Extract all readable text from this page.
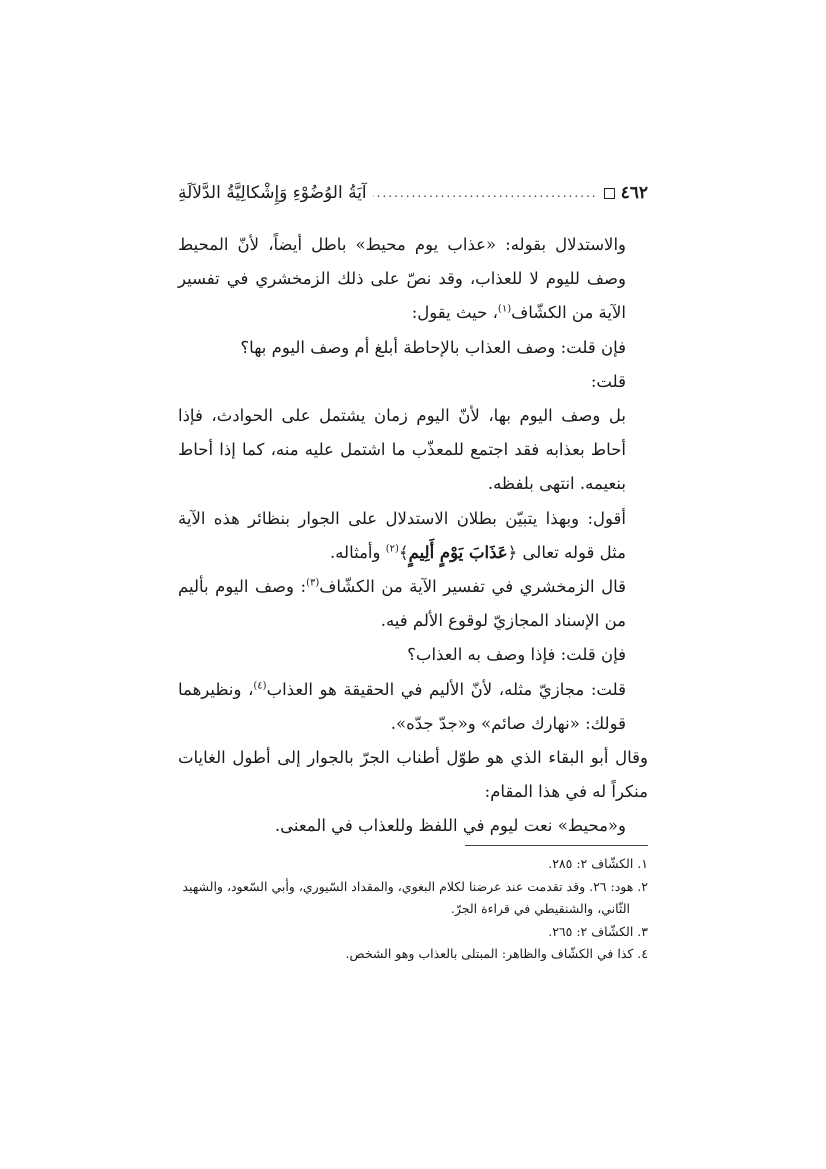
٤٦٢
.....
آيَةُ الوُضُوْءِ وَإِشْكالِيَّةُ الدَّلاَلَةِ

والاستدلال بقوله: «عذاب يوم محيط» باطل أيضاً، لأنّ المحيط وصف لليوم لا للعذاب، وقد نصّ على ذلك الزمخشري في تفسير الآية من الكشّاف$^{(١)}$، حيث يقول:

فإن قلت: وصف العذاب بالإحاطة أبلغ أم وصف اليوم بها؟

قلت:

بل وصف اليوم بها، لأنّ اليوم زمان يشتمل على الحوادث، فإذا أحاط بعذابه فقد اجتمع للمعذّب ما اشتمل عليه منه، كما إذا أحاط بنعيمه. انتهى بلفظه.

أقول: وبهذا يتبيّن بطلان الاستدلال على الجوار بنظائر هذه الآية مثل قوله تعالى ﴿عَذَابَ يَوْمٍ أَلِيمٍ﴾$^{(٢)}$ وأمثاله.

قال الزمخشري في تفسير الآية من الكشّاف$^{(٣)}$: وصف اليوم بأليم من الإسناد المجازيّ لوقوع الألم فيه.

فإن قلت: فإذا وصف به العذاب؟

قلت: مجازيّ مثله، لأنّ الأليم في الحقيقة هو العذاب$^{(٤)}$، ونظيرهما قولك: «نهارك صائم» و«جدّ جدّه».

وقال أبو البقاء الذي هو طوّل أطناب الجرّ بالجوار إلى أطول الغايات منكراً له في هذا المقام:

و«محيط» نعت ليوم في اللفظ وللعذاب في المعنى.

١. الكشّاف ٢: ٢٨٥.

٢. هود: ٢٦. وقد تقدمت عند عرضنا لكلام البغوي، والمقداد السّيوري، وأبي السّعود، والشهيد

الثّاني، والشنقيطي في قراءة الجرّ.

٣. الكشّاف ٢: ٢٦٥.

٤. كذا في الكشّاف والظاهر: المبتلى بالعذاب وهو الشخص.
